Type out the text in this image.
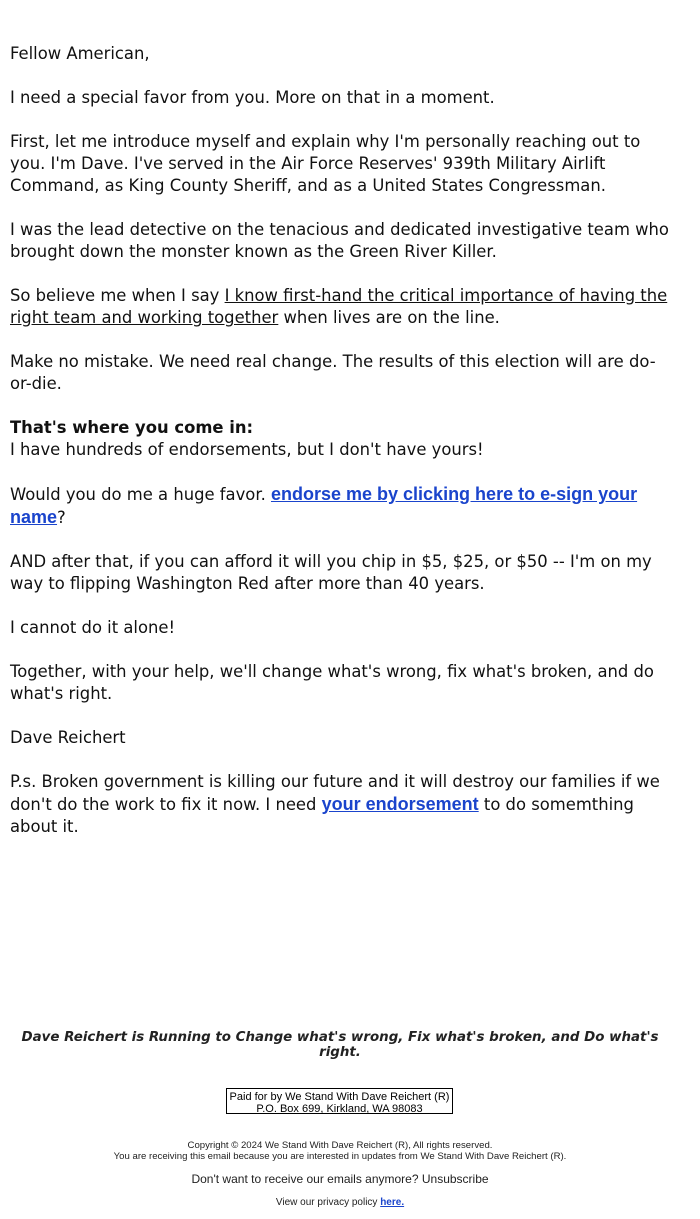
Fellow American,

I need a special favor from you. More on that in a moment.

First, let me introduce myself and explain why I'm personally reaching out to you. I'm Dave. I've served in the Air Force Reserves' 939th Military Airlift Command, as King County Sheriff, and as a United States Congressman.

I was the lead detective on the tenacious and dedicated investigative team who brought down the monster known as the Green River Killer.

So believe me when I say I know first-hand the critical importance of having the right team and working together when lives are on the line.

Make no mistake. We need real change. The results of this election will are do-or-die.

That's where you come in:
I have hundreds of endorsements, but I don't have yours!

Would you do me a huge favor. endorse me by clicking here to e-sign your name?

AND after that, if you can afford it will you chip in $5, $25, or $50 -- I'm on my way to flipping Washington Red after more than 40 years.

I cannot do it alone!

Together, with your help, we'll change what's wrong, fix what's broken, and do what's right.

Dave Reichert

P.s. Broken government is killing our future and it will destroy our families if we don't do the work to fix it now. I need your endorsement to do somemthing about it.

Dave Reichert is Running to Change what's wrong, Fix what's broken, and Do what's right.
Paid for by We Stand With Dave Reichert (R)
P.O. Box 699, Kirkland, WA 98083
Copyright © 2024 We Stand With Dave Reichert (R), All rights reserved.
You are receiving this email because you are interested in updates from We Stand With Dave Reichert (R).
Don't want to receive our emails anymore? Unsubscribe
View our privacy policy here.
